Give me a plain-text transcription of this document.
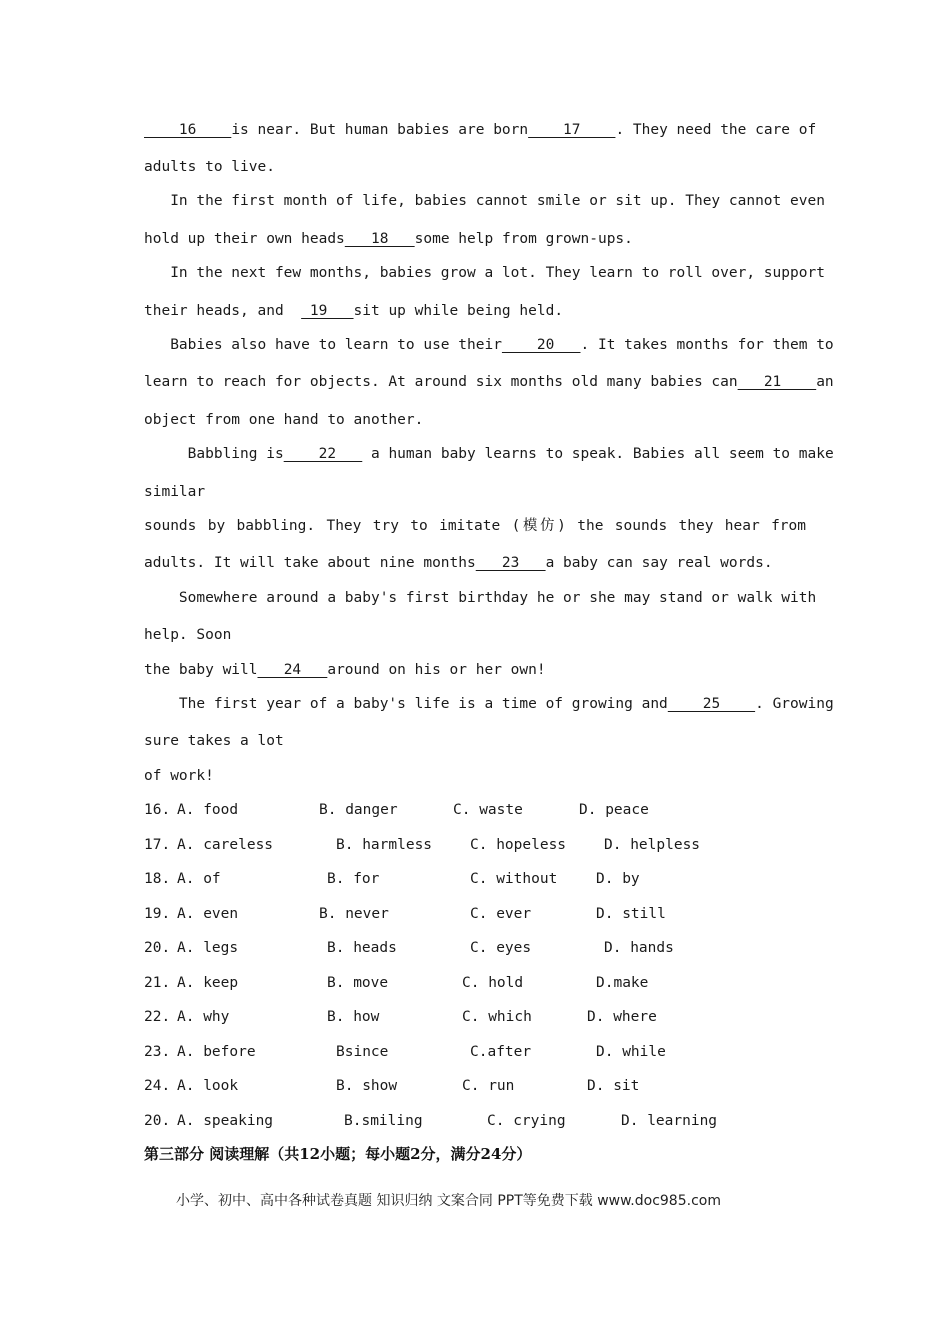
16    is near. But human babies are born    17    . They need the care of
adults to live.
In the first month of life, babies cannot smile or sit up. They cannot even
hold up their own heads   18   some help from grown-ups.
In the next few months, babies grow a lot. They learn to roll over, support
their heads, and   19   sit up while being held.
Babies also have to learn to use their    20   . It takes months for them to
learn to reach for objects. At around six months old many babies can   21    an
object from one hand to another.
Babbling is    22    a human baby learns to speak. Babies all seem to make
similar
sounds by babbling. They try to imitate (模仿) the sounds they hear from
adults. It will take about nine months   23   a baby can say real words.
Somewhere around a baby's first birthday he or she may stand or walk with
help. Soon
the baby will   24   around on his or her own!
The first year of a baby's life is a time of growing and    25    . Growing
sure takes a lot
of work!
16. A. food	B. danger	C. waste	D. peace
17. A. careless	B. harmless	C. hopeless	D. helpless
18. A. of	B. for	C. without	D. by
19. A. even	B. never	C. ever	D. still
20. A. legs	B. heads	C. eyes	D. hands
21. A. keep	B. move	C. hold	D.make
22. A. why	B. how	C. which	D. where
23. A. before	Bsince	C.after	D. while
24. A. look	B. show	C. run	D. sit
20. A. speaking	B.smiling	C. crying	D. learning
第三部分 阅读理解（共12小题；每小题2分，满分24分）
小学、初中、高中各种试卷真题 知识归纳 文案合同 PPT等免费下载 www.doc985.com
